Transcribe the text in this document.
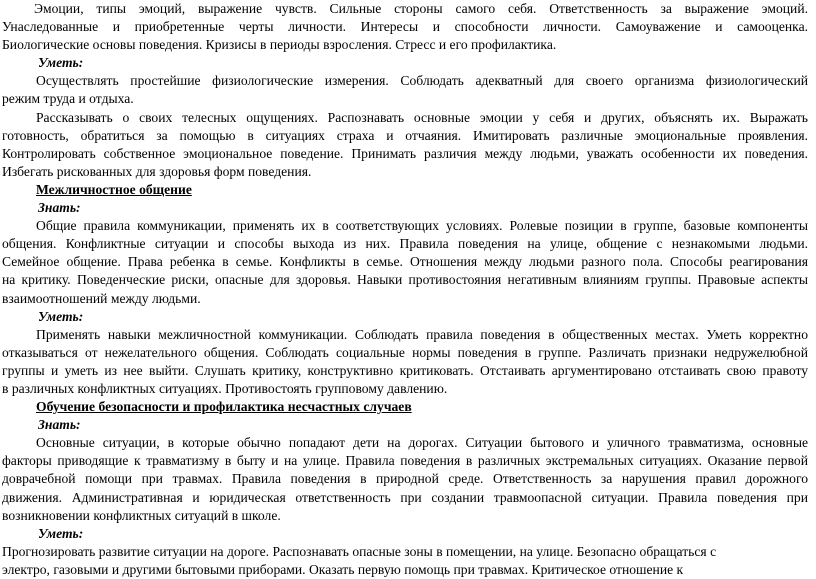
Эмоции, типы эмоций, выражение чувств. Сильные стороны самого себя. Ответственность за выражение эмоций.
Унаследованные и приобретенные черты личности. Интересы и способности личности. Самоуважение и самооценка.
Биологические основы поведения. Кризисы в периоды взросления. Стресс и его профилактика.
Уметь:
Осуществлять простейшие физиологические измерения. Соблюдать адекватный для своего организма физиологический
режим труда и отдыха.
Рассказывать о своих телесных ощущениях. Распознавать основные эмоции у себя и других, объяснять их. Выражать
готовность, обратиться за помощью в ситуациях страха и отчаяния. Имитировать различные эмоциональные проявления.
Контролировать собственное эмоциональное поведение. Принимать различия между людьми, уважать особенности их поведения.
Избегать рискованных для здоровья форм поведения.
Межличностное общение
Знать:
Общие правила коммуникации, применять их в соответствующих условиях. Ролевые позиции в группе, базовые компоненты
общения. Конфликтные ситуации и способы выхода из них. Правила поведения на улице, общение с незнакомыми людьми.
Семейное общение. Права ребенка в семье. Конфликты в семье. Отношения между людьми разного пола. Способы реагирования
на критику. Поведенческие риски, опасные для здоровья. Навыки противостояния негативным влияниям группы. Правовые аспекты
взаимоотношений между людьми.
Уметь:
Применять навыки межличностной коммуникации. Соблюдать правила поведения в общественных местах. Уметь корректно
отказываться от нежелательного общения. Соблюдать социальные нормы поведения в группе. Различать признаки недружелюбной
группы и уметь из нее выйти. Слушать критику, конструктивно критиковать. Отстаивать аргументировано отстаивать свою правоту
в различных конфликтных ситуациях. Противостоять групповому давлению.
Обучение безопасности и профилактика несчастных случаев
Знать:
Основные ситуации, в которые обычно попадают дети на дорогах. Ситуации бытового и уличного травматизма, основные
факторы приводящие к травматизму в быту и на улице. Правила поведения в различных экстремальных ситуациях. Оказание первой
доврачебной помощи при травмах. Правила поведения в природной среде. Ответственность за нарушения правил дорожного
движения. Административная и юридическая ответственность при создании травмоопасной ситуации. Правила поведения при
возникновении конфликтных ситуаций в школе.
Уметь:
Прогнозировать развитие ситуации на дороге. Распознавать опасные зоны в помещении, на улице. Безопасно обращаться с
электро, газовыми и другими бытовыми приборами. Оказать первую помощь при травмах. Критическое отношение к
